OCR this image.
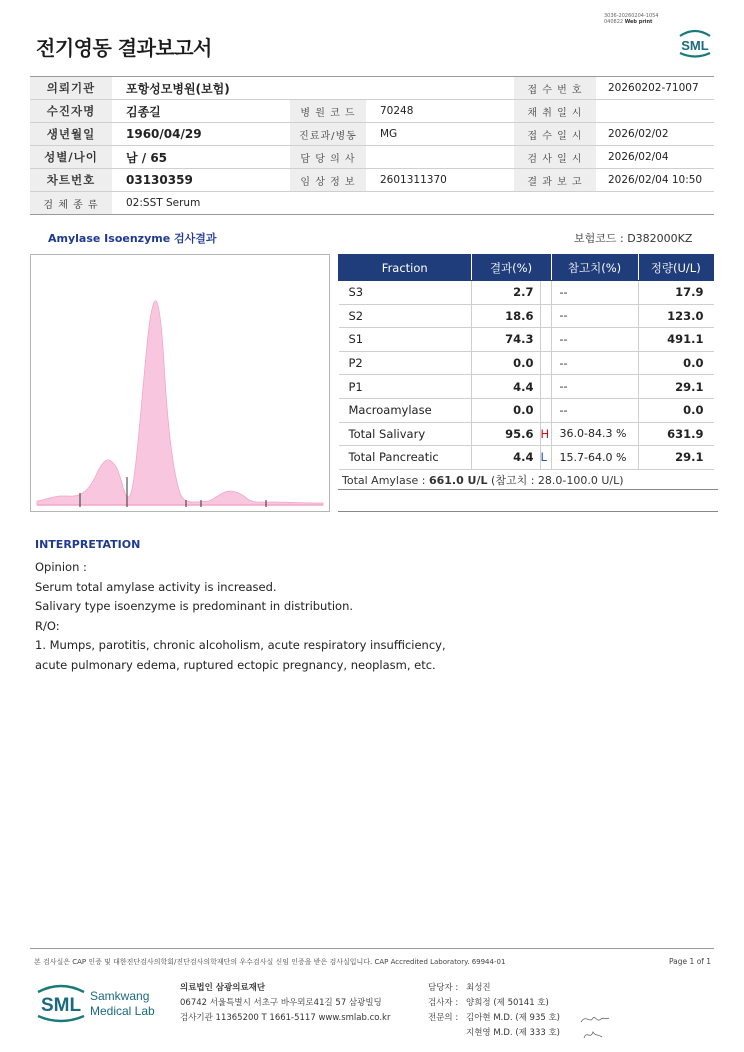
3036-20260204-1054
040822 Web print
전기영동 결과보고서	SML
의뢰기관	포항성모병원(보험)			접 수 번 호	20260202-71007
수진자명	김종길	병 원 코 드	70248	채 취 일 시	
생년월일	1960/04/29	진료과/병동	MG	접 수 일 시	2026/02/02
성별/나이	남 / 65	담 당 의 사		검 사 일 시	2026/02/04
차트번호	03130359	임 상 정 보	2601311370	결 과 보 고	2026/02/04 10:50
검 체 종 류	02:SST Serum				
Amylase Isoenzyme 검사결과	보험코드 : D382000KZ
Fraction	결과(%)		참고치(%)	정량(U/L)
S3	2.7		--	17.9
S2	18.6		--	123.0
S1	74.3		--	491.1
P2	0.0		--	0.0
P1	4.4		--	29.1
Macroamylase	0.0		--	0.0
Total Salivary	95.6	H	36.0-84.3 %	631.9
Total Pancreatic	4.4	L	15.7-64.0 %	29.1
Total Amylase : 661.0 U/L (참고치 : 28.0-100.0 U/L)
INTERPRETATION
Opinion :
Serum total amylase activity is increased.
Salivary type isoenzyme is predominant in distribution.
R/O:
1. Mumps, parotitis, chronic alcoholism, acute respiratory insufficiency,
acute pulmonary edema, ruptured ectopic pregnancy, neoplasm, etc.
본 검사실은 CAP 인증 및 대한진단검사의학회/진단검사의학재단의 우수검사실 신임 인증을 받은 검사실입니다. CAP Accredited Laboratory. 69944-01	Page 1 of 1
SML Samkwang
Medical Lab
의료법인 삼광의료재단
06742 서울특별시 서초구 바우뫼로41길 57 삼광빌딩
검사기관 11365200 T 1661-5117 www.smlab.co.kr
담당자 : 최성진
검사자 : 양희정 (제 50141 호)
전문의 : 김아현 M.D. (제 935 호)
지현영 M.D. (제 333 호)
